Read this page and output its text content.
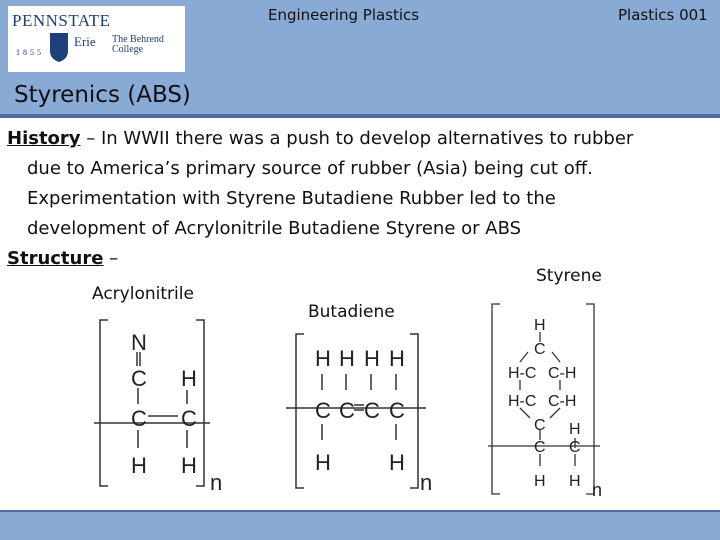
PENNSTATE
1855
Erie The Behrend
College
Engineering Plastics	Plastics 001
Styrenics (ABS)
History – In WWII there was a push to develop alternatives to rubber
due to America’s primary source of rubber (Asia) being cut off.
Experimentation with Styrene Butadiene Rubber led to the
development of Acrylonitrile Butadiene Styrene or ABS
Structure –
Acrylonitrile
Butadiene
Styrene
N
C
C
H
H
C
H
n
H H H H
C C C C
H	H
n
H
C
H-C C-H
H-C C-H
C
C
H
C
H H n
